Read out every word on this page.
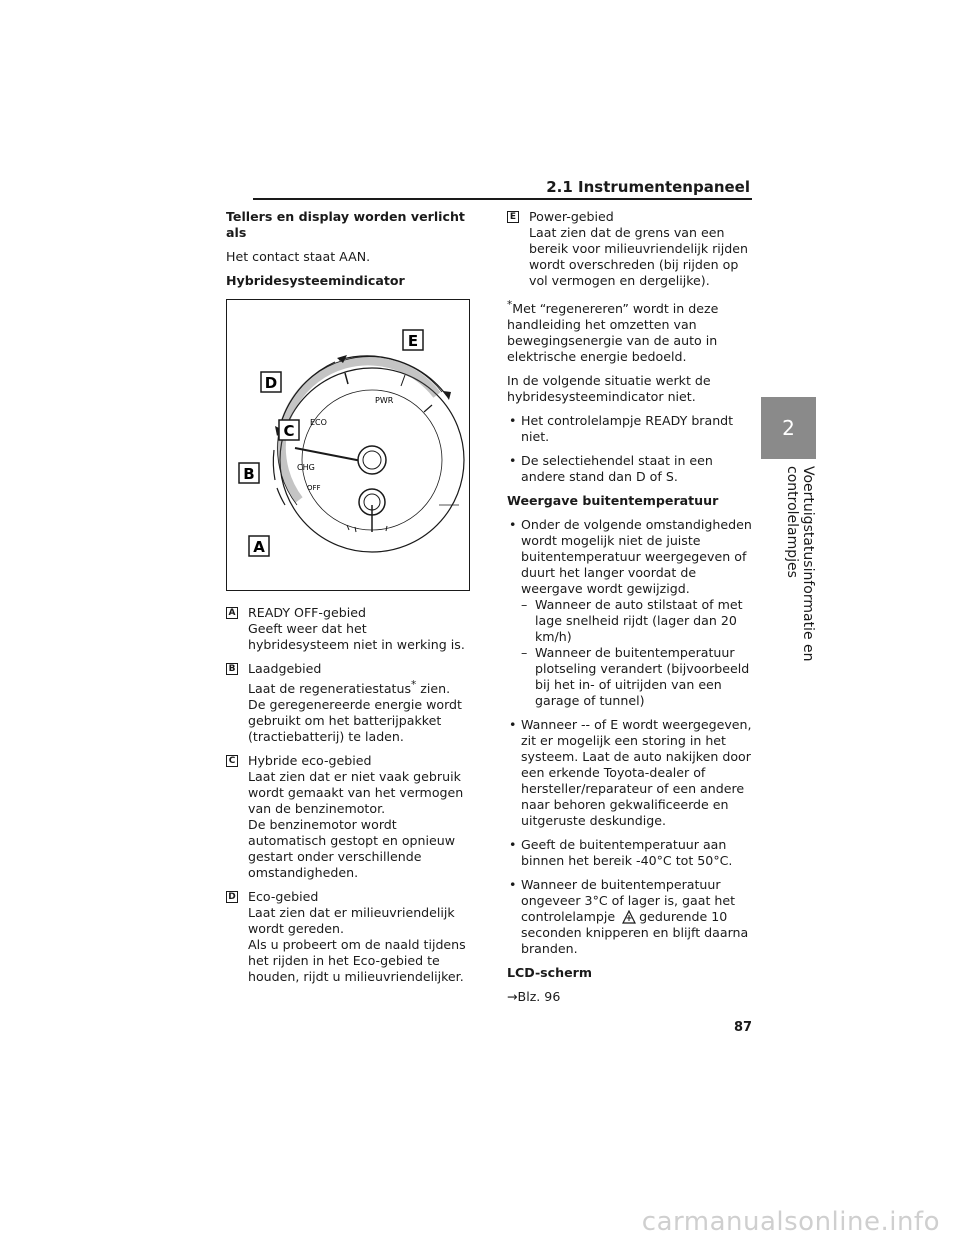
2.1 Instrumentenpaneel
2
Voertuigstatusinformatie en controlelampjes
Tellers en display worden verlicht als
Het contact staat AAN.
Hybridesysteemindicator
ECO
PWR
CHG
OFF
A
B
C
D
E
A READY OFF-gebied
Geeft weer dat het hybridesysteem niet in werking is.
B Laadgebied
Laat de regeneratiestatus* zien.
De geregenereerde energie wordt gebruikt om het batterijpakket (tractiebatterij) te laden.
C Hybride eco-gebied
Laat zien dat er niet vaak gebruik wordt gemaakt van het vermogen van de benzinemotor.
De benzinemotor wordt automatisch gestopt en opnieuw gestart onder verschillende omstandigheden.
D Eco-gebied
Laat zien dat er milieuvriendelijk wordt gereden.
Als u probeert om de naald tijdens het rijden in het Eco-gebied te houden, rijdt u milieuvriendelijker.
E Power-gebied
Laat zien dat de grens van een bereik voor milieuvriendelijk rijden wordt overschreden (bij rijden op vol vermogen en dergelijke).
*Met “regenereren” wordt in deze handleiding het omzetten van bewegingsenergie van de auto in elektrische energie bedoeld.
In de volgende situatie werkt de hybridesysteemindicator niet.
• Het controlelampje READY brandt niet.
• De selectiehendel staat in een andere stand dan D of S.
Weergave buitentemperatuur
• Onder de volgende omstandigheden wordt mogelijk niet de juiste buitentemperatuur weergegeven of duurt het langer voordat de weergave wordt gewijzigd.
– Wanneer de auto stilstaat of met lage snelheid rijdt (lager dan 20 km/h)
– Wanneer de buitentemperatuur plotseling verandert (bijvoorbeeld bij het in- of uitrijden van een garage of tunnel)
• Wanneer -- of E wordt weergegeven, zit er mogelijk een storing in het systeem. Laat de auto nakijken door een erkende Toyota-dealer of hersteller/reparateur of een andere naar behoren gekwalificeerde en uitgeruste deskundige.
• Geeft de buitentemperatuur aan binnen het bereik -40°C tot 50°C.
• Wanneer de buitentemperatuur ongeveer 3°C of lager is, gaat het controlelampje gedurende 10 seconden knipperen en blijft daarna branden.
LCD-scherm
→Blz. 96
87
carmanualsonline.info
